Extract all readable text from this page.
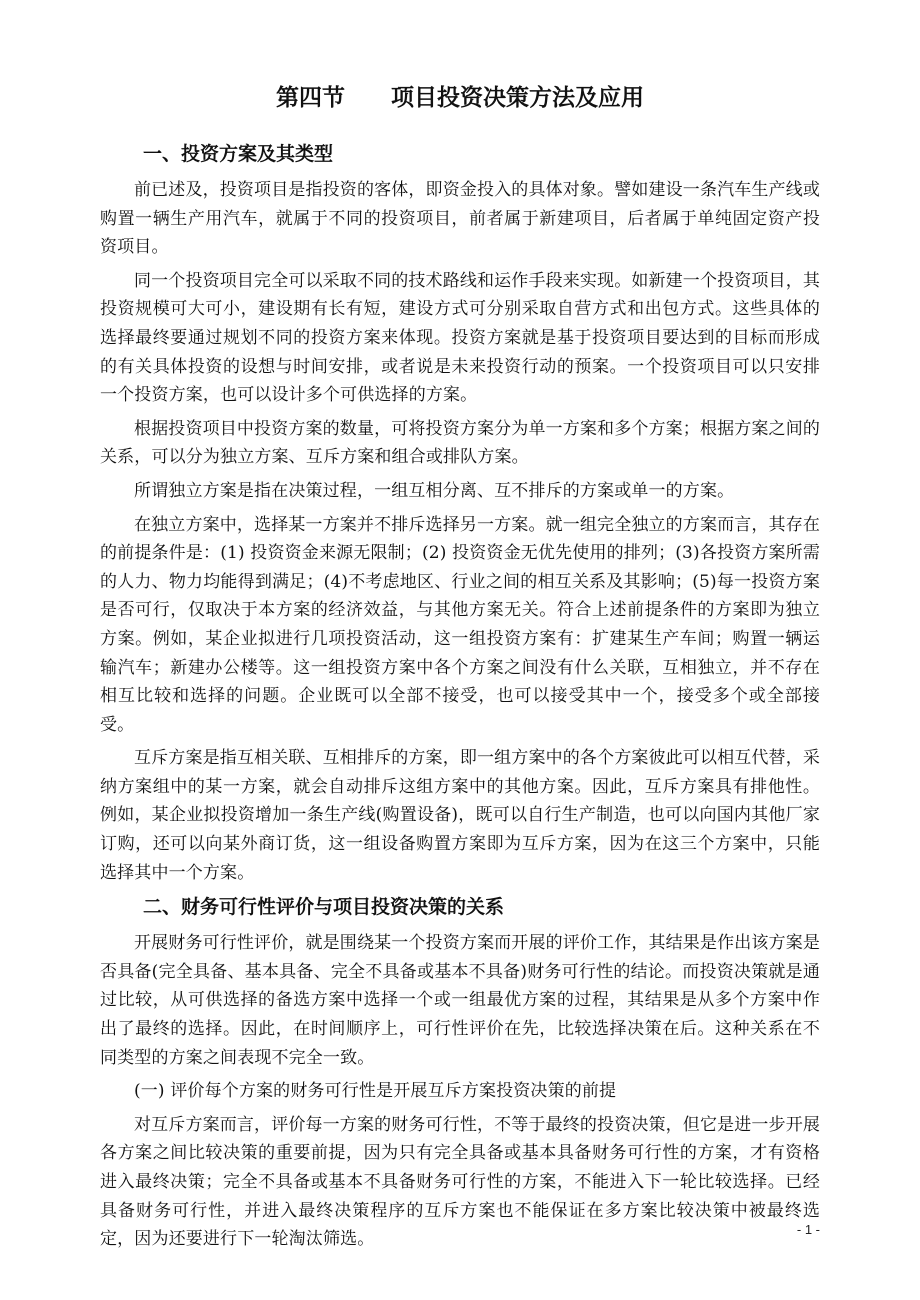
第四节　　项目投资决策方法及应用
一、投资方案及其类型

前已述及，投资项目是指投资的客体，即资金投入的具体对象。譬如建设一条汽车生产线或购置一辆生产用汽车，就属于不同的投资项目，前者属于新建项目，后者属于单纯固定资产投资项目。

同一个投资项目完全可以采取不同的技术路线和运作手段来实现。如新建一个投资项目，其投资规模可大可小，建设期有长有短，建设方式可分别采取自营方式和出包方式。这些具体的选择最终要通过规划不同的投资方案来体现。投资方案就是基于投资项目要达到的目标而形成的有关具体投资的设想与时间安排，或者说是未来投资行动的预案。一个投资项目可以只安排一个投资方案，也可以设计多个可供选择的方案。

根据投资项目中投资方案的数量，可将投资方案分为单一方案和多个方案；根据方案之间的关系，可以分为独立方案、互斥方案和组合或排队方案。

所谓独立方案是指在决策过程，一组互相分离、互不排斥的方案或单一的方案。

在独立方案中，选择某一方案并不排斥选择另一方案。就一组完全独立的方案而言，其存在的前提条件是：(1) 投资资金来源无限制；(2) 投资资金无优先使用的排列；(3)各投资方案所需的人力、物力均能得到满足；(4)不考虑地区、行业之间的相互关系及其影响；(5)每一投资方案是否可行，仅取决于本方案的经济效益，与其他方案无关。符合上述前提条件的方案即为独立方案。例如，某企业拟进行几项投资活动，这一组投资方案有：扩建某生产车间；购置一辆运输汽车；新建办公楼等。这一组投资方案中各个方案之间没有什么关联，互相独立，并不存在相互比较和选择的问题。企业既可以全部不接受，也可以接受其中一个，接受多个或全部接受。

互斥方案是指互相关联、互相排斥的方案，即一组方案中的各个方案彼此可以相互代替，采纳方案组中的某一方案，就会自动排斥这组方案中的其他方案。因此，互斥方案具有排他性。例如，某企业拟投资增加一条生产线(购置设备)，既可以自行生产制造，也可以向国内其他厂家订购，还可以向某外商订货，这一组设备购置方案即为互斥方案，因为在这三个方案中，只能选择其中一个方案。

二、财务可行性评价与项目投资决策的关系

开展财务可行性评价，就是围绕某一个投资方案而开展的评价工作，其结果是作出该方案是否具备(完全具备、基本具备、完全不具备或基本不具备)财务可行性的结论。而投资决策就是通过比较，从可供选择的备选方案中选择一个或一组最优方案的过程，其结果是从多个方案中作出了最终的选择。因此，在时间顺序上，可行性评价在先，比较选择决策在后。这种关系在不同类型的方案之间表现不完全一致。

(一) 评价每个方案的财务可行性是开展互斥方案投资决策的前提

对互斥方案而言，评价每一方案的财务可行性，不等于最终的投资决策，但它是进一步开展各方案之间比较决策的重要前提，因为只有完全具备或基本具备财务可行性的方案，才有资格进入最终决策；完全不具备或基本不具备财务可行性的方案，不能进入下一轮比较选择。已经具备财务可行性，并进入最终决策程序的互斥方案也不能保证在多方案比较决策中被最终选定，因为还要进行下一轮淘汰筛选。	- 1 -
